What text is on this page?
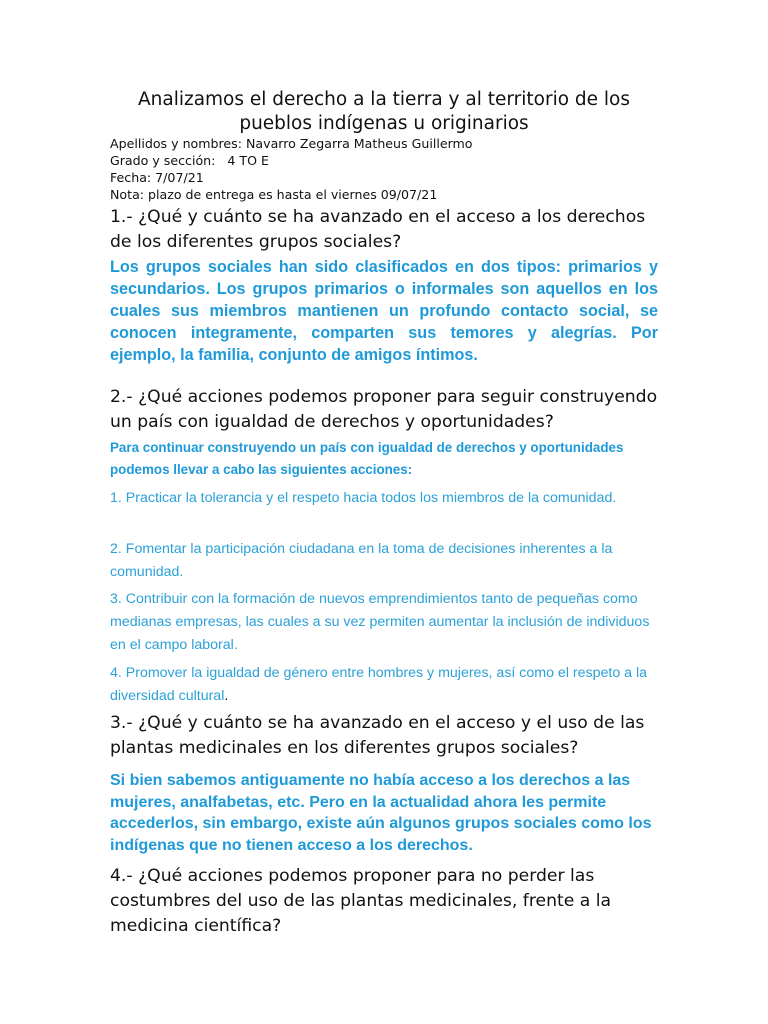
Analizamos el derecho a la tierra y al territorio de los pueblos indígenas u originarios
Apellidos y nombres: Navarro Zegarra Matheus Guillermo
Grado y sección:   4 TO E
Fecha: 7/07/21
Nota: plazo de entrega es hasta el viernes 09/07/21
1.- ¿Qué y cuánto se ha avanzado en el acceso a los derechos de los diferentes grupos sociales?
Los grupos sociales han sido clasificados en dos tipos: primarios y secundarios. Los grupos primarios o informales son aquellos en los cuales sus miembros mantienen un profundo contacto social, se conocen integramente, comparten sus temores y alegrías. Por ejemplo, la familia, conjunto de amigos íntimos.
2.- ¿Qué acciones podemos proponer para seguir construyendo un país con igualdad de derechos y oportunidades?
Para continuar construyendo un país con igualdad de derechos y oportunidades podemos llevar a cabo las siguientes acciones:
1. Practicar la tolerancia y el respeto hacia todos los miembros de la comunidad.
2. Fomentar la participación ciudadana en la toma de decisiones inherentes a la comunidad.
3. Contribuir con la formación de nuevos emprendimientos tanto de pequeñas como medianas empresas, las cuales a su vez permiten aumentar la inclusión de individuos en el campo laboral.
4. Promover la igualdad de género entre hombres y mujeres, así como el respeto a la diversidad cultural.
3.- ¿Qué y cuánto se ha avanzado en el acceso y el uso de las plantas medicinales en los diferentes grupos sociales?
Si bien sabemos antiguamente no había acceso a los derechos a las mujeres, analfabetas, etc. Pero en la actualidad ahora les permite accederlos, sin embargo, existe aún algunos grupos sociales como los indígenas que no tienen acceso a los derechos.
4.- ¿Qué acciones podemos proponer para no perder las costumbres del uso de las plantas medicinales, frente a la medicina científica?
